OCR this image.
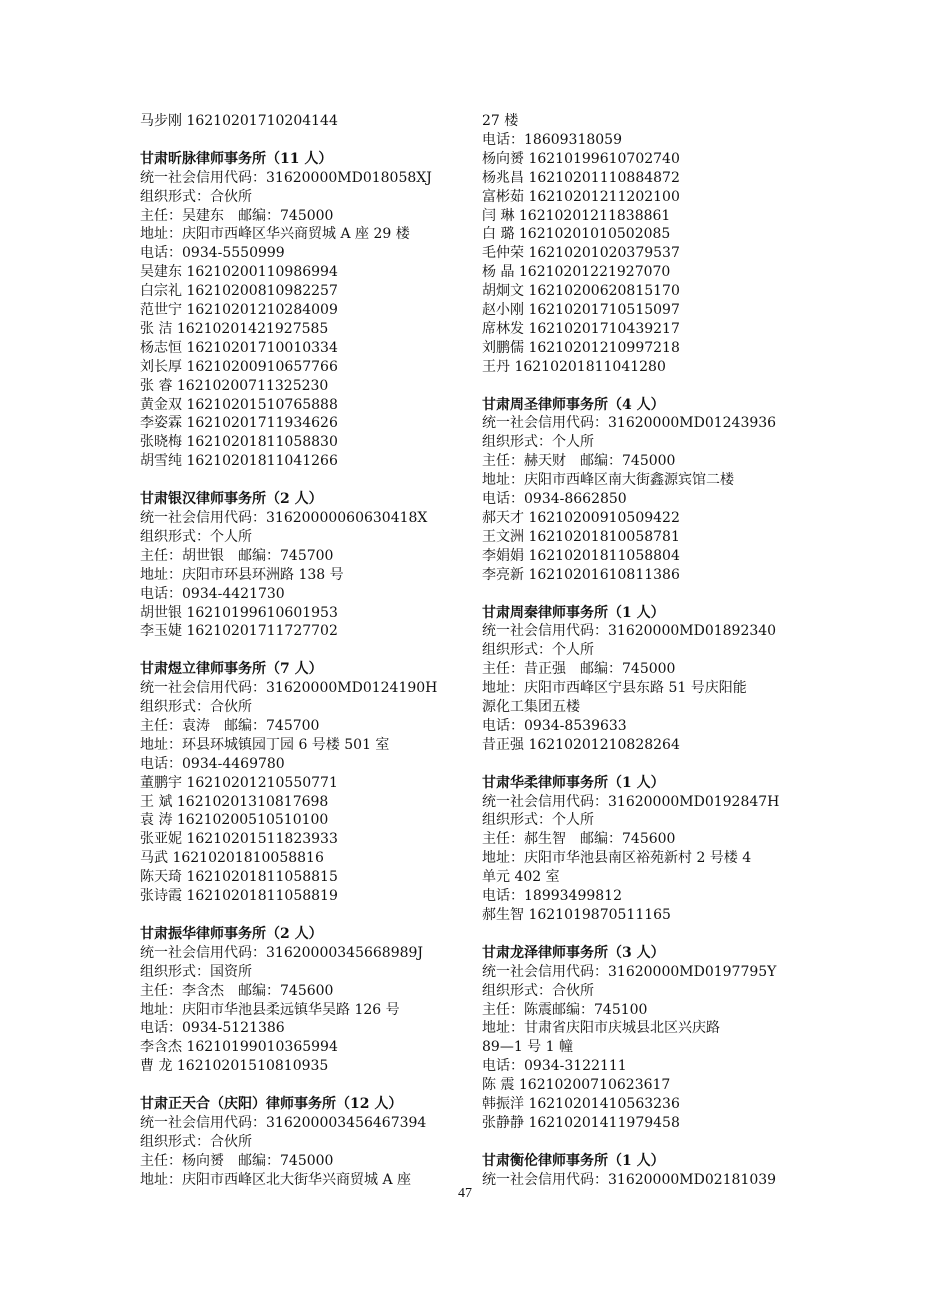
马步刚 16210201710204144
甘肃昕脉律师事务所（11 人）
统一社会信用代码：31620000MD018058XJ
组织形式：合伙所
主任：吴建东　邮编：745000
地址：庆阳市西峰区华兴商贸城 A 座 29 楼
电话：0934-5550999
吴建东 16210200110986994
白宗礼 16210200810982257
范世宁 16210201210284009
张 洁 16210201421927585
杨志恒 16210201710010334
刘长厚 16210200910657766
张 睿 16210200711325230
黄金双 16210201510765888
李姿霖 16210201711934626
张晓梅 16210201811058830
胡雪纯 16210201811041266
甘肃银汉律师事务所（2 人）
统一社会信用代码：31620000060630418X
组织形式：个人所
主任：胡世银　邮编：745700
地址：庆阳市环县环洲路 138 号
电话：0934-4421730
胡世银 16210199610601953
李玉婕 16210201711727702
甘肃煜立律师事务所（7 人）
统一社会信用代码：31620000MD0124190H
组织形式：合伙所
主任：袁涛　邮编：745700
地址：环县环城镇园丁园 6 号楼 501 室
电话：0934-4469780
董鹏宇 16210201210550771
王 斌 16210201310817698
袁 涛 16210200510510100
张亚妮 16210201511823933
马武 16210201810058816
陈天琦 16210201811058815
张诗霞 16210201811058819
甘肃振华律师事务所（2 人）
统一社会信用代码：31620000345668989J
组织形式：国资所
主任：李含杰　邮编：745600
地址：庆阳市华池县柔远镇华吴路 126 号
电话：0934-5121386
李含杰 16210199010365994
曹 龙 16210201510810935
甘肃正天合（庆阳）律师事务所（12 人）
统一社会信用代码：316200003456467394
组织形式：合伙所
主任：杨向赟　邮编：745000
地址：庆阳市西峰区北大街华兴商贸城 A 座
27 楼
电话：18609318059
杨向赟 16210199610702740
杨兆昌 16210201110884872
富彬茹 16210201211202100
闫 琳 16210201211838861
白 璐 16210201010502085
毛仲荣 16210201020379537
杨 晶 16210201221927070
胡炯文 16210200620815170
赵小刚 16210201710515097
席林发 16210201710439217
刘鹏儒 16210201210997218
王丹 16210201811041280
甘肃周圣律师事务所（4 人）
统一社会信用代码：31620000MD01243936
组织形式：个人所
主任：赫天财　邮编：745000
地址：庆阳市西峰区南大街鑫源宾馆二楼
电话：0934-8662850
郝天才 16210200910509422
王文洲 16210201810058781
李娟娟 16210201811058804
李亮新 16210201610811386
甘肃周秦律师事务所（1 人）
统一社会信用代码：31620000MD01892340
组织形式：个人所
主任：昔正强　邮编：745000
地址：庆阳市西峰区宁县东路 51 号庆阳能
源化工集团五楼
电话：0934-8539633
昔正强 16210201210828264
甘肃华柔律师事务所（1 人）
统一社会信用代码：31620000MD0192847H
组织形式：个人所
主任：郝生智　邮编：745600
地址：庆阳市华池县南区裕苑新村 2 号楼 4
单元 402 室
电话：18993499812
郝生智 1621019870511165
甘肃龙泽律师事务所（3 人）
统一社会信用代码：31620000MD0197795Y
组织形式：合伙所
主任：陈震邮编：745100
地址：甘肃省庆阳市庆城县北区兴庆路
89—1 号 1 幢
电话：0934-3122111
陈 震 16210200710623617
韩振洋 16210201410563236
张静静 16210201411979458
甘肃衡伦律师事务所（1 人）
统一社会信用代码：31620000MD02181039
47
